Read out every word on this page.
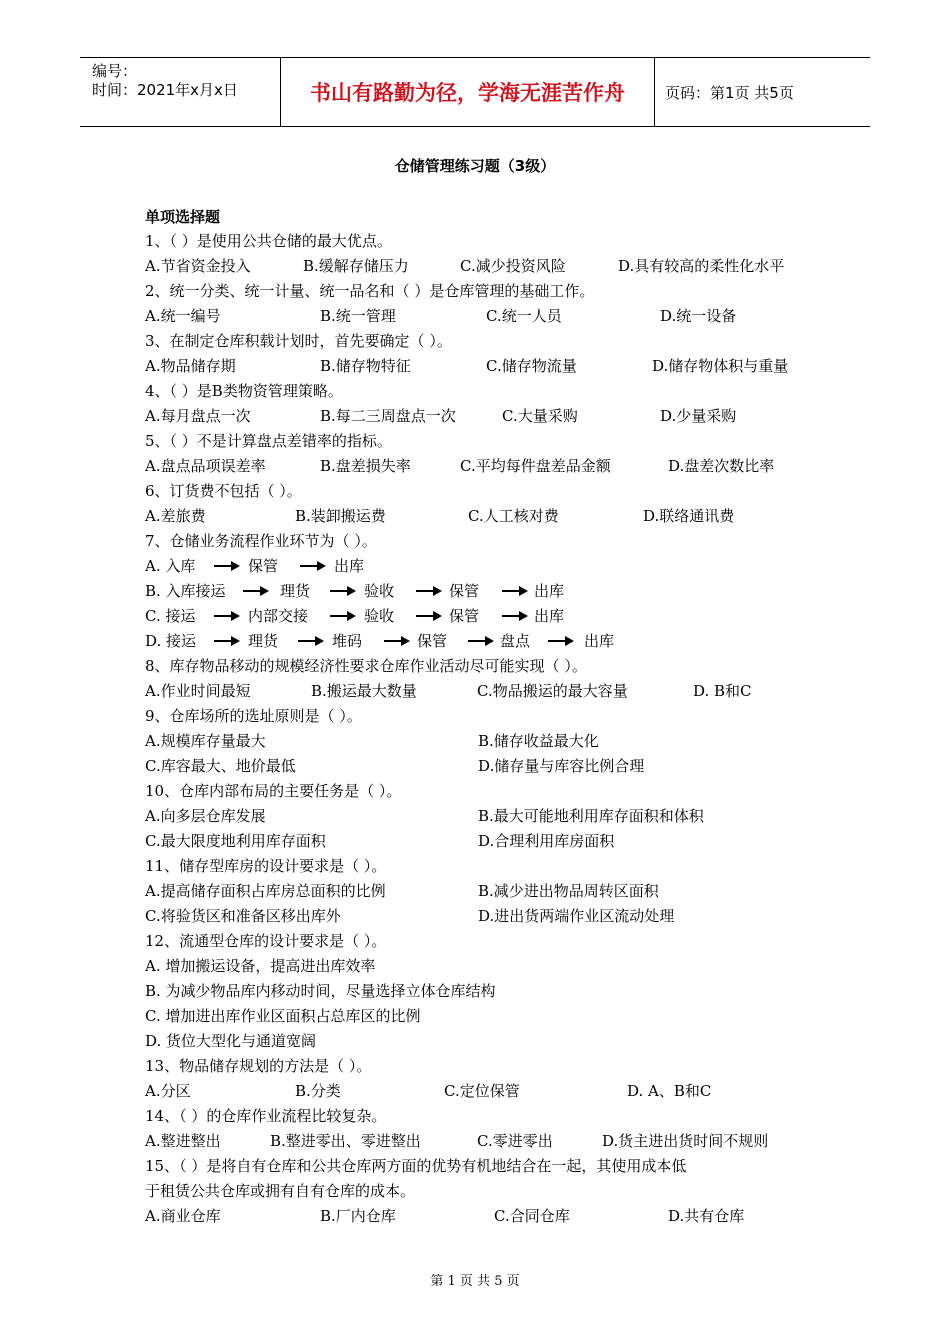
编号：
时间：2021年x月x日	书山有路勤为径，学海无涯苦作舟	页码：第1页 共5页
仓储管理练习题（3级）
单项选择题
1、（ ）是使用公共仓储的最大优点。
A.节省资金投入	B.缓解存储压力	C.减少投资风险	D.具有较高的柔性化水平
2、统一分类、统一计量、统一品名和（ ）是仓库管理的基础工作。
A.统一编号	B.统一管理	C.统一人员	D.统一设备
3、在制定仓库积载计划时，首先要确定（ ）。
A.物品储存期	B.储存物特征	C.储存物流量	D.储存物体积与重量
4、（ ）是B类物资管理策略。
A.每月盘点一次	B.每二三周盘点一次	C.大量采购	D.少量采购
5、（ ）不是计算盘点差错率的指标。
A.盘点品项误差率	B.盘差损失率	C.平均每件盘差品金额	D.盘差次数比率
6、订货费不包括（ ）。
A.差旅费	B.装卸搬运费	C.人工核对费	D.联络通讯费
7、仓储业务流程作业环节为（ ）。
A. 入库	保管	出库
B. 入库接运	理货	验收	保管	出库
C. 接运	内部交接	验收	保管	出库
D. 接运	理货	堆码	保管	盘点	出库
8、库存物品移动的规模经济性要求仓库作业活动尽可能实现（ ）。
A.作业时间最短	B.搬运最大数量	C.物品搬运的最大容量	D. B和C
9、仓库场所的选址原则是（ ）。
A.规模库存量最大	B.储存收益最大化
C.库容最大、地价最低	D.储存量与库容比例合理
10、仓库内部布局的主要任务是（ ）。
A.向多层仓库发展	B.最大可能地利用库存面积和体积
C.最大限度地利用库存面积	D.合理利用库房面积
11、储存型库房的设计要求是（ ）。
A.提高储存面积占库房总面积的比例	B.减少进出物品周转区面积
C.将验货区和准备区移出库外	D.进出货两端作业区流动处理
12、流通型仓库的设计要求是（ ）。
A. 增加搬运设备，提高进出库效率
B. 为减少物品库内移动时间，尽量选择立体仓库结构
C. 增加进出库作业区面积占总库区的比例
D. 货位大型化与通道宽阔
13、物品储存规划的方法是（ ）。
A.分区	B.分类	C.定位保管	D. A、B和C
14、（ ）的仓库作业流程比较复杂。
A.整进整出	B.整进零出、零进整出	C.零进零出	D.货主进出货时间不规则
15、（ ）是将自有仓库和公共仓库两方面的优势有机地结合在一起，其使用成本低
于租赁公共仓库或拥有自有仓库的成本。
A.商业仓库	B.厂内仓库	C.合同仓库	D.共有仓库
第 1 页 共 5 页
